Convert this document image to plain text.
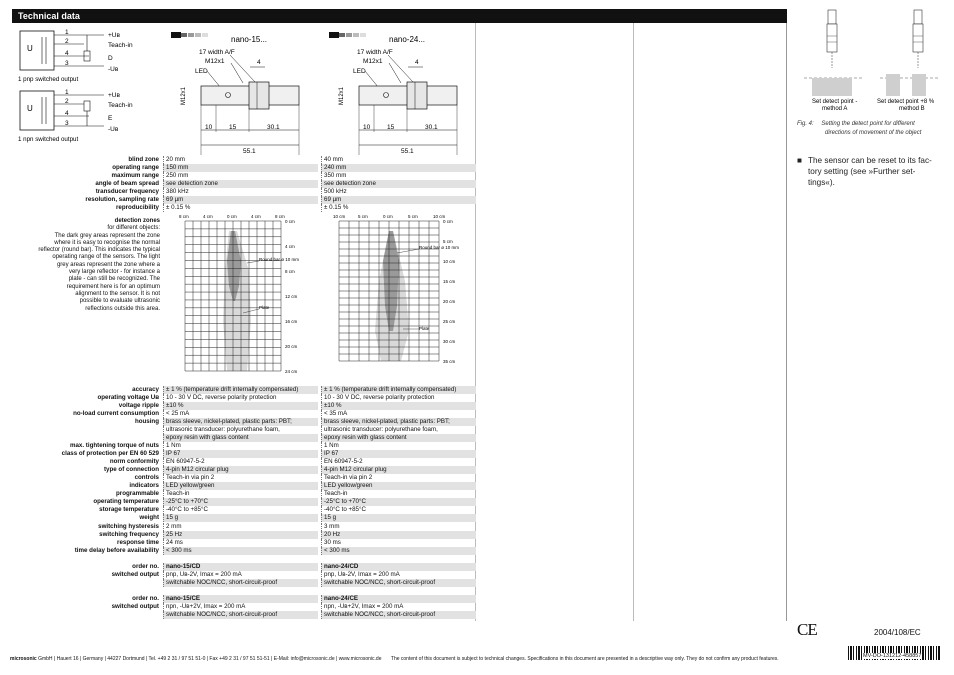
Technical data
U
1
2
4
3
+Uʙ
Teach-in
D
-Uʙ
1 pnp switched output
U
1
2
4
3
+Uʙ
Teach-in
E
-Uʙ
1 npn switched output
nano-15...
17 width A/F
M12x1
LED
4
M12x1
10	15	30.1
55.1
nano-24...
17 width A/F
M12x1
LED
4
M12x1
10	15	30.1
55.1
blind zone	20 mm	40 mm
operating range	150 mm	240 mm
maximum range	250 mm	350 mm
angle of beam spread	see detection zone	see detection zone
transducer frequency	380 kHz	500 kHz
resolution, sampling rate	69 µm	69 µm
reproducibility	± 0.15 %	± 0.15 %
accuracy	± 1 % (temperature drift internally compensated)	± 1 % (temperature drift internally compensated)
operating voltage Uʙ	10 - 30 V DC, reverse polarity protection	10 - 30 V DC, reverse polarity protection
voltage ripple	±10 %	±10 %
no-load current consumption	< 25 mA	< 35 mA
housing	brass sleeve, nickel-plated, plastic parts: PBT;	brass sleeve, nickel-plated, plastic parts: PBT;
ultrasonic transducer: polyurethane foam,	ultrasonic transducer: polyurethane foam,
epoxy resin with glass content	epoxy resin with glass content
max. tightening torque of nuts	1 Nm	1 Nm
class of protection per EN 60 529	IP 67	IP 67
norm conformity	EN 60947-5-2	EN 60947-5-2
type of connection	4-pin M12 circular plug	4-pin M12 circular plug
controls	Teach-in via pin 2	Teach-in via pin 2
indicators	LED yellow/green	LED yellow/green
programmable	Teach-in	Teach-in
operating temperature	-25°C to +70°C	-25°C to +70°C
storage temperature	-40°C to +85°C	-40°C to +85°C
weight	15 g	15 g
switching hysteresis	2 mm	3 mm
switching frequency	25 Hz	20 Hz
response time	24 ms	30 ms
time delay before availability	< 300 ms	< 300 ms
order no.	nano-15/CD	nano-24/CD
switched output	pnp, Uʙ-2V, Imax = 200 mA	pnp, Uʙ-2V, Imax = 200 mA
switchable NOC/NCC, short-circuit-proof	switchable NOC/NCC, short-circuit-proof
order no.	nano-15/CE	nano-24/CE
switched output	npn, -Uʙ+2V, Imax = 200 mA	npn, -Uʙ+2V, Imax = 200 mA
switchable NOC/NCC, short-circuit-proof	switchable NOC/NCC, short-circuit-proof
detection zones
for different objects:
The dark grey areas represent the zone
where it is easy to recognise the normal
reflector (round bar). This indicates the typical
operating range of the sensors. The light
grey areas represent the zone where a
very large reflector - for instance a
plate - can still be recognized. The
requirement here is for an optimum
alignment to the sensor. It is not
possible to evaluate ultrasonic
reflections outside this area.
8 cm	4 cm	0 cm	4 cm	8 cm
0 cm
4 cm
8 cm
12 cm
16 cm
20 cm
24 cm
Round bar ø 10 mm
Plate
10 cm	5 cm	0 cm	5 cm	10 cm
0 cm
5 cm
10 cm
15 cm
20 cm
25 cm
30 cm
35 cm
Round bar ø 10 mm
Plate
Set detect point -
method A
Set detect point +8 %
method B
Fig. 4: Setting the detect point for different
directions of movement of the object
■ The sensor can be reset to its fac-
tory setting (see »Further set-
tings«).
CE	2004/108/EC
MV-DO-131212-458857
microsonic GmbH | Hauert 16 | Germany | 44227 Dortmund | Tel. +49 2 31 / 97 51 51-0 | Fax +49 2 31 / 97 51 51-51 | E-Mail: info@microsonic.de | www.microsonic.de The content of this document is subject to technical changes. Specifications in this document are presented in a descriptive way only. They do not confirm any product features.
